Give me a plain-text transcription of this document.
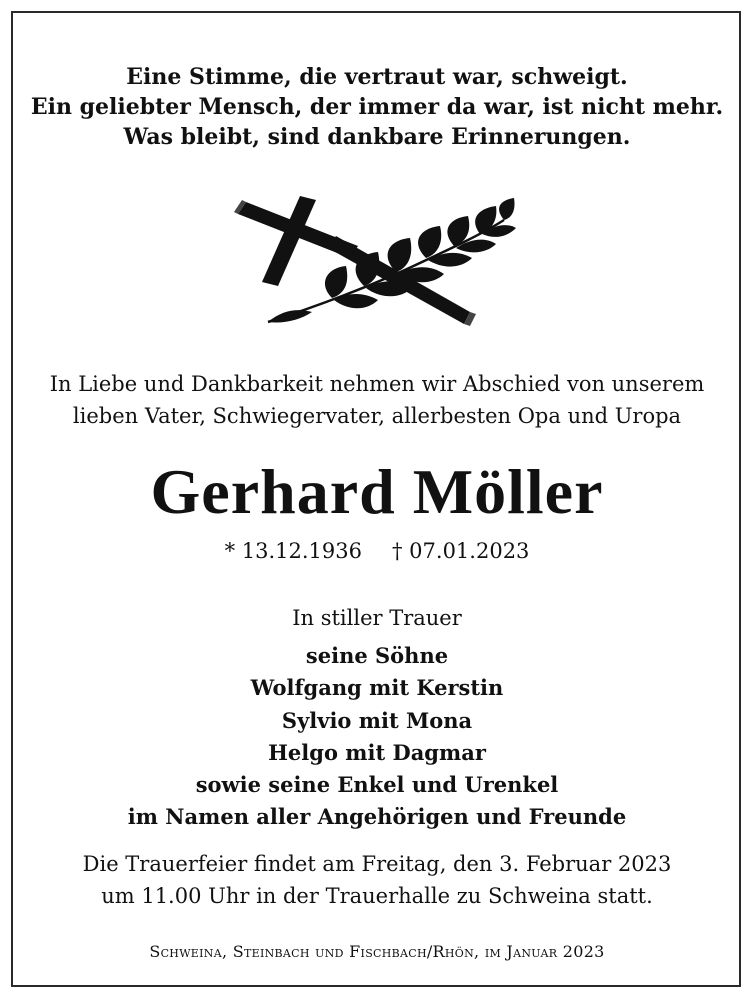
Eine Stimme, die vertraut war, schweigt.
Ein geliebter Mensch, der immer da war, ist nicht mehr.
Was bleibt, sind dankbare Erinnerungen.
In Liebe und Dankbarkeit nehmen wir Abschied von unserem
lieben Vater, Schwiegervater, allerbesten Opa und Uropa
Gerhard Möller
* 13.12.1936 † 07.01.2023
In stiller Trauer
seine Söhne
Wolfgang mit Kerstin
Sylvio mit Mona
Helgo mit Dagmar
sowie seine Enkel und Urenkel
im Namen aller Angehörigen und Freunde
Die Trauerfeier findet am Freitag, den 3. Februar 2023
um 11.00 Uhr in der Trauerhalle zu Schweina statt.
Schweina, Steinbach und Fischbach/Rhön, im Januar 2023
